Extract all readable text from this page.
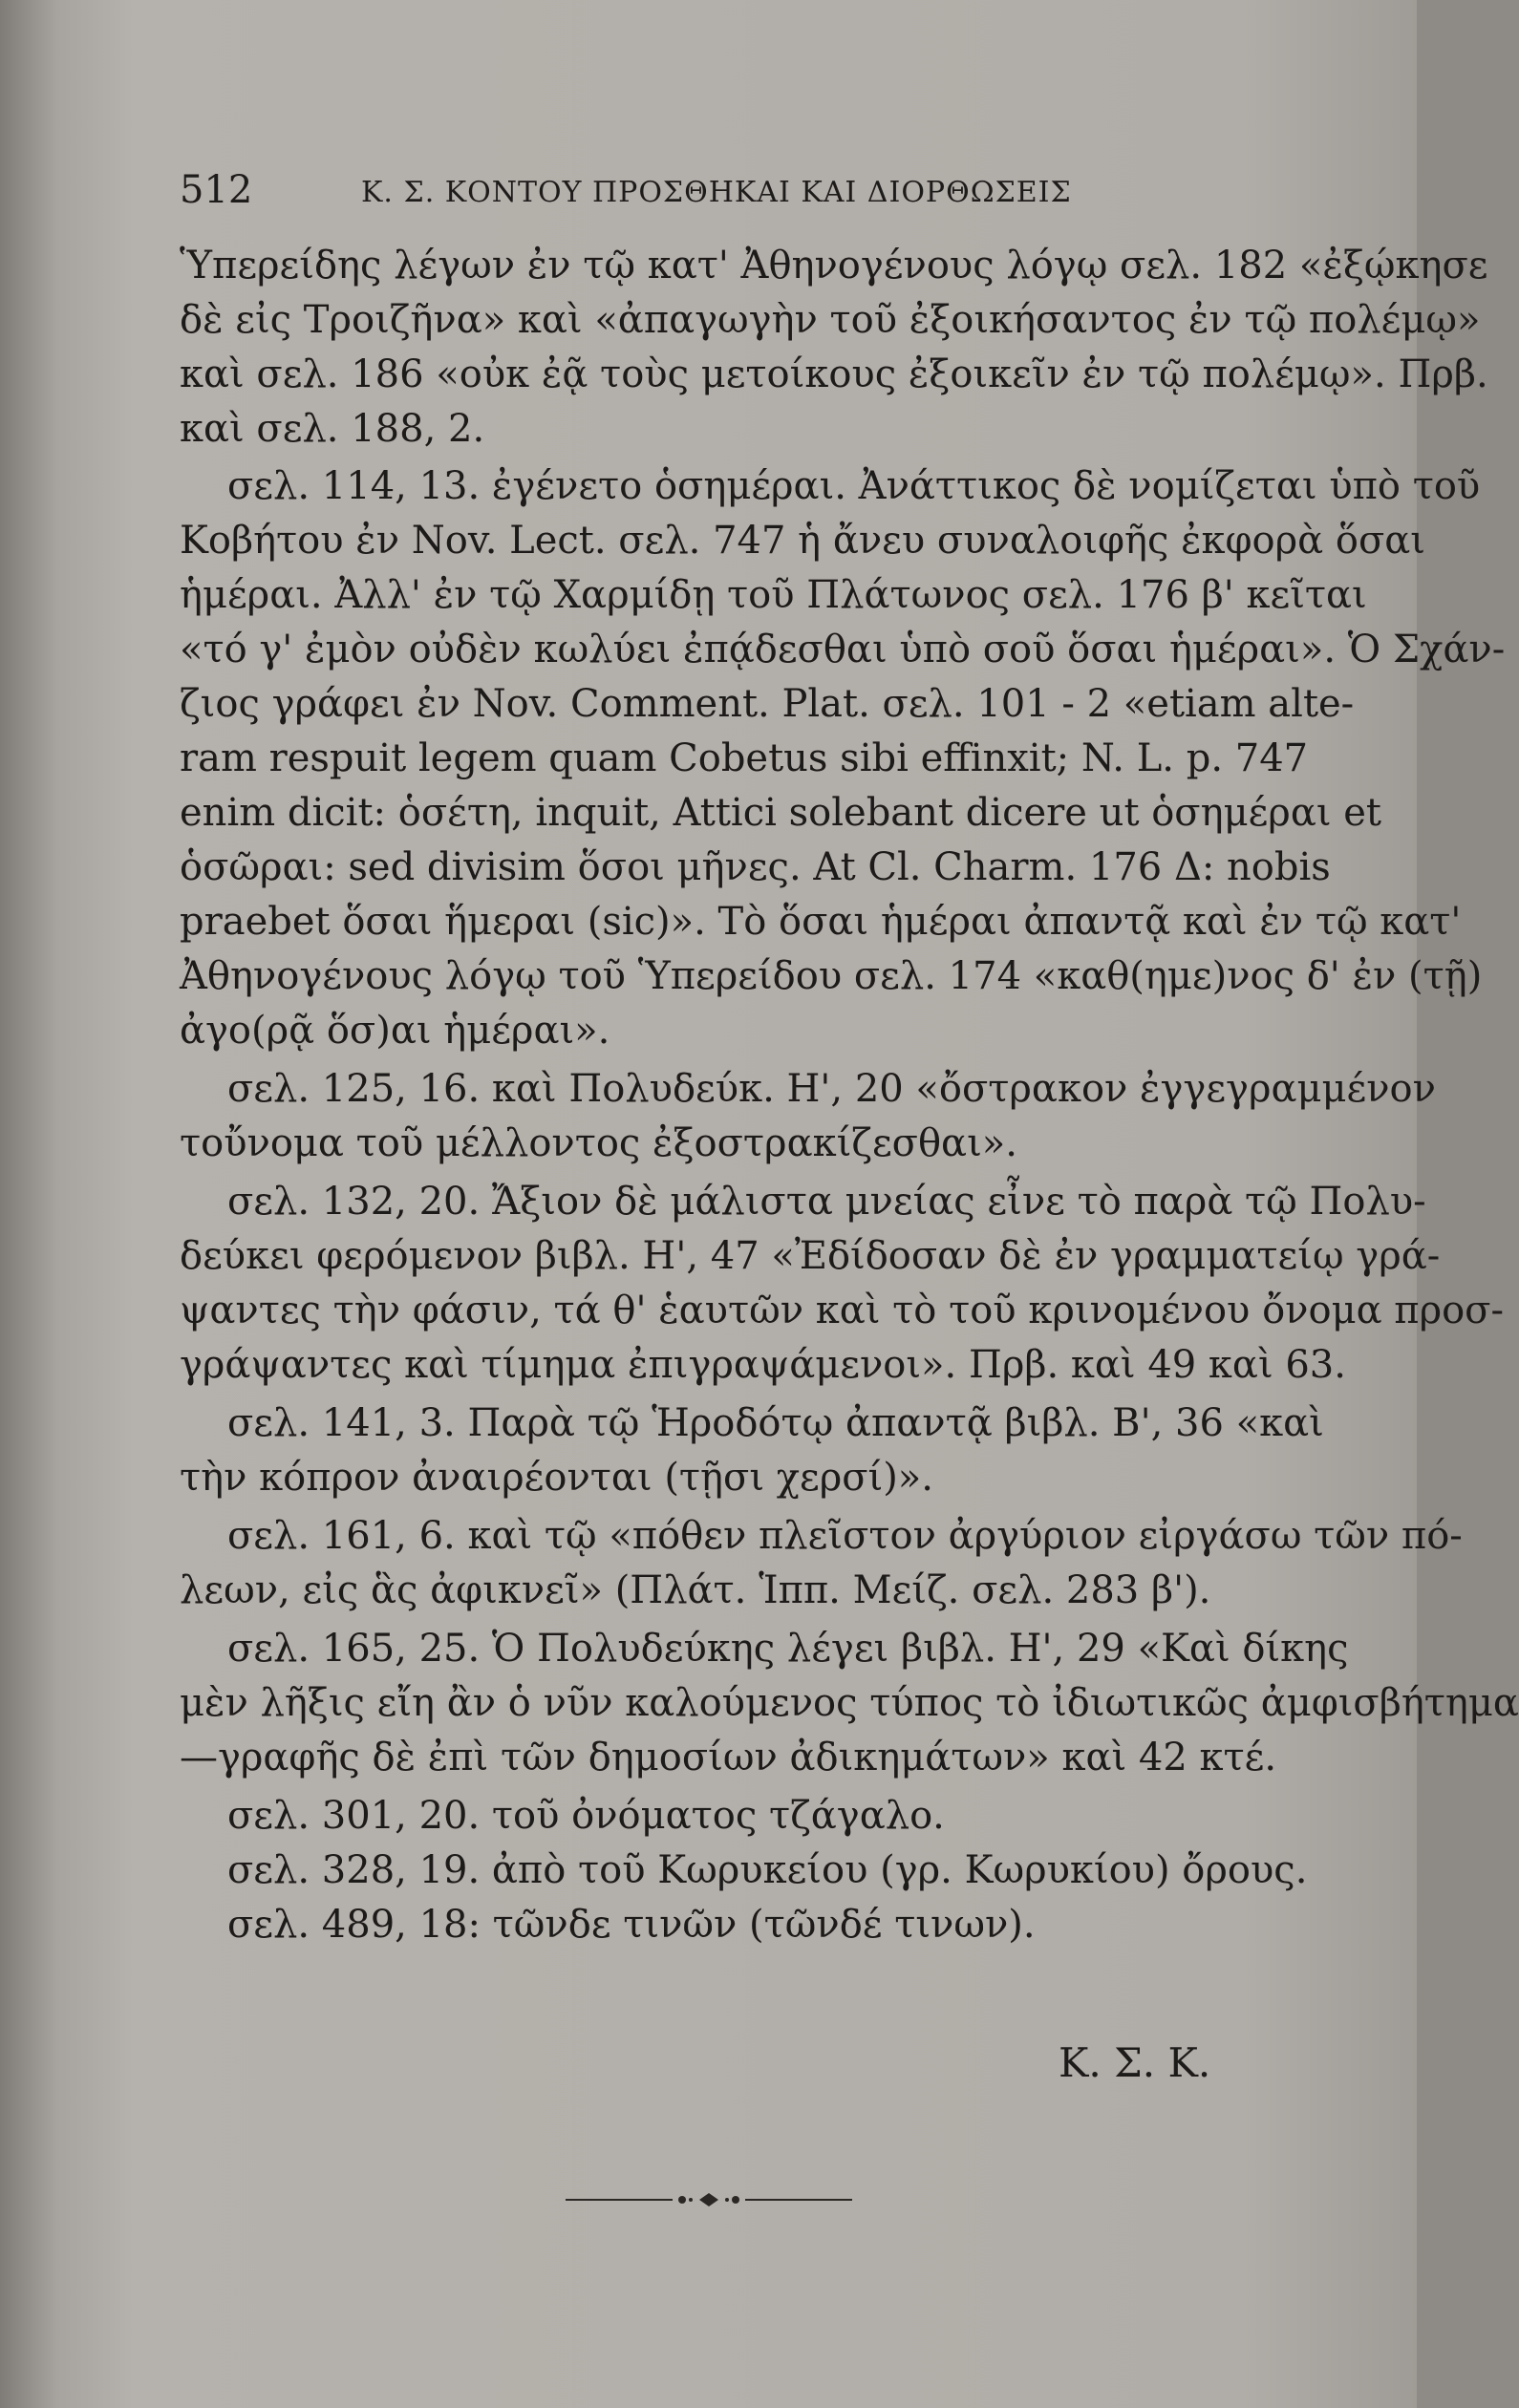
512	Κ. Σ. ΚΟΝΤΟΥ ΠΡΟΣΘΗΚΑΙ ΚΑΙ ΔΙΟΡΘΩΣΕΙΣ
Ὑπερείδης λέγων ἐν τῷ κατ' Ἀθηνογένους λόγῳ σελ. 182 «ἐξῴκησε
δὲ εἰς Τροιζῆνα» καὶ «ἀπαγωγὴν τοῦ ἐξοικήσαντος ἐν τῷ πολέμῳ»
καὶ σελ. 186 «οὐκ ἐᾷ τοὺς μετοίκους ἐξοικεῖν ἐν τῷ πολέμῳ». Πρβ.
καὶ σελ. 188, 2.
σελ. 114, 13. ἐγένετο ὁσημέραι. Ἀνάττικος δὲ νομίζεται ὑπὸ τοῦ
Κοβήτου ἐν Nov. Lect. σελ. 747 ἡ ἄνευ συναλοιφῆς ἐκφορὰ ὅσαι
ἡμέραι. Ἀλλ' ἐν τῷ Χαρμίδῃ τοῦ Πλάτωνος σελ. 176 β' κεῖται
«τό γ' ἐμὸν οὐδὲν κωλύει ἐπᾴδεσθαι ὑπὸ σοῦ ὅσαι ἡμέραι». Ὁ Σχάν-
ζιος γράφει ἐν Nov. Comment. Plat. σελ. 101 - 2 «etiam alte-
ram respuit legem quam Cobetus sibi effinxit; N. L. p. 747
enim dicit: ὁσέτη, inquit, Attici solebant dicere ut ὁσημέραι et
ὁσῶραι: sed divisim ὅσοι μῆνες. At Cl. Charm. 176 Δ: nobis
praebet ὅσαι ἥμεραι (sic)». Τὸ ὅσαι ἡμέραι ἀπαντᾷ καὶ ἐν τῷ κατ'
Ἀθηνογένους λόγῳ τοῦ Ὑπερείδου σελ. 174 «καθ(ημε)νος δ' ἐν (τῇ)
ἀγο(ρᾷ ὅσ)αι ἡμέραι».
σελ. 125, 16. καὶ Πολυδεύκ. Η', 20 «ὄστρακον ἐγγεγραμμένον
τοὔνομα τοῦ μέλλοντος ἐξοστρακίζεσθαι».
σελ. 132, 20. Ἄξιον δὲ μάλιστα μνείας εἶνε τὸ παρὰ τῷ Πολυ-
δεύκει φερόμενον βιβλ. Η', 47 «Ἐδίδοσαν δὲ ἐν γραμματείῳ γρά-
ψαντες τὴν φάσιν, τά θ' ἑαυτῶν καὶ τὸ τοῦ κρινομένου ὄνομα προσ-
γράψαντες καὶ τίμημα ἐπιγραψάμενοι». Πρβ. καὶ 49 καὶ 63.
σελ. 141, 3. Παρὰ τῷ Ἡροδότῳ ἀπαντᾷ βιβλ. Β', 36 «καὶ
τὴν κόπρον ἀναιρέονται (τῇσι χερσί)».
σελ. 161, 6. καὶ τῷ «πόθεν πλεῖστον ἀργύριον εἰργάσω τῶν πό-
λεων, εἰς ἃς ἀφικνεῖ» (Πλάτ. Ἱππ. Μείζ. σελ. 283 β').
σελ. 165, 25. Ὁ Πολυδεύκης λέγει βιβλ. Η', 29 «Καὶ δίκης
μὲν λῆξις εἴη ἂν ὁ νῦν καλούμενος τύπος τὸ ἰδιωτικῶς ἀμφισβήτημα
—γραφῆς δὲ ἐπὶ τῶν δημοσίων ἀδικημάτων» καὶ 42 κτέ.
σελ. 301, 20. τοῦ ὀνόματος τζάγαλο.
σελ. 328, 19. ἀπὸ τοῦ Κωρυκείου (γρ. Κωρυκίου) ὄρους.
σελ. 489, 18: τῶνδε τινῶν (τῶνδέ τινων).
Κ. Σ. Κ.
